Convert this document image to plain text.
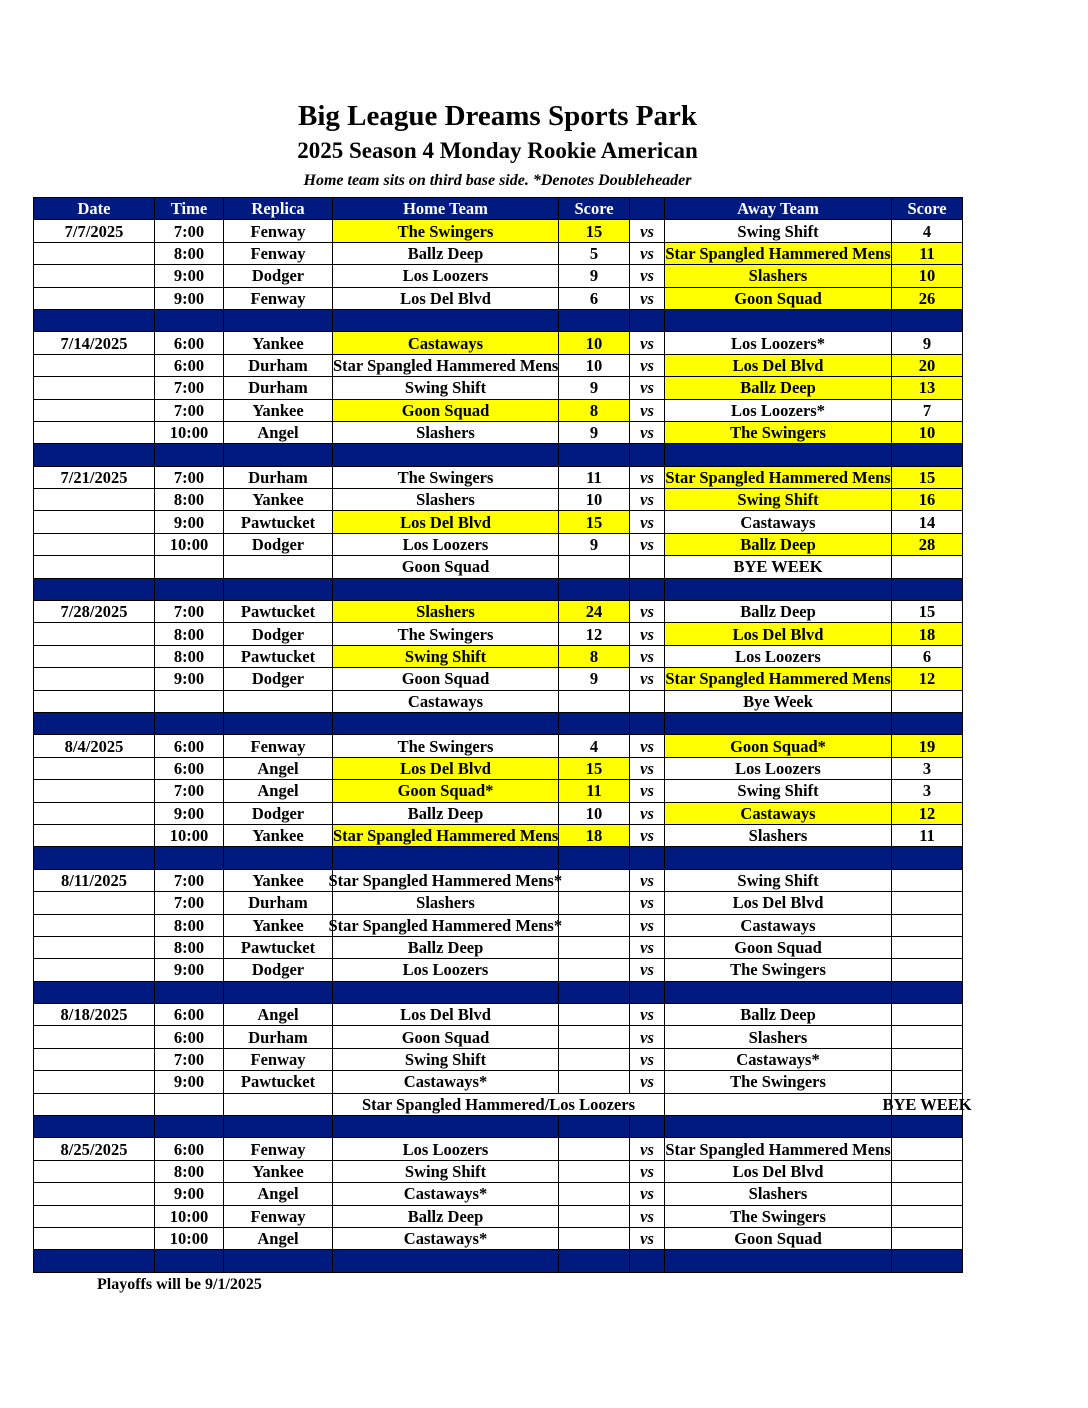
Big League Dreams Sports Park
2025 Season 4 Monday Rookie American
Home team sits on third base side. *Denotes Doubleheader
Date	Time	Replica	Home Team	Score		Away Team	Score	
7/7/2025	7:00	Fenway	The Swingers	15	vs	Swing Shift	4	
	8:00	Fenway	Ballz Deep	5	vs	Star Spangled Hammered Mens	11	
	9:00	Dodger	Los Loozers	9	vs	Slashers	10	
	9:00	Fenway	Los Del Blvd	6	vs	Goon Squad	26	

7/14/2025	6:00	Yankee	Castaways	10	vs	Los Loozers*	9	
	6:00	Durham	Star Spangled Hammered Mens	10	vs	Los Del Blvd	20	
	7:00	Durham	Swing Shift	9	vs	Ballz Deep	13	
	7:00	Yankee	Goon Squad	8	vs	Los Loozers*	7	
	10:00	Angel	Slashers	9	vs	The Swingers	10	

7/21/2025	7:00	Durham	The Swingers	11	vs	Star Spangled Hammered Mens	15	
	8:00	Yankee	Slashers	10	vs	Swing Shift	16	
	9:00	Pawtucket	Los Del Blvd	15	vs	Castaways	14	
	10:00	Dodger	Los Loozers	9	vs	Ballz Deep	28	
			Goon Squad			BYE WEEK		

7/28/2025	7:00	Pawtucket	Slashers	24	vs	Ballz Deep	15	
	8:00	Dodger	The Swingers	12	vs	Los Del Blvd	18	
	8:00	Pawtucket	Swing Shift	8	vs	Los Loozers	6	
	9:00	Dodger	Goon Squad	9	vs	Star Spangled Hammered Mens	12	
			Castaways			Bye Week		

8/4/2025	6:00	Fenway	The Swingers	4	vs	Goon Squad*	19	
	6:00	Angel	Los Del Blvd	15	vs	Los Loozers	3	
	7:00	Angel	Goon Squad*	11	vs	Swing Shift	3	
	9:00	Dodger	Ballz Deep	10	vs	Castaways	12	
	10:00	Yankee	Star Spangled Hammered Mens	18	vs	Slashers	11	

8/11/2025	7:00	Yankee	Star Spangled Hammered Mens*		vs	Swing Shift		
	7:00	Durham	Slashers		vs	Los Del Blvd		
	8:00	Yankee	Star Spangled Hammered Mens*		vs	Castaways		
	8:00	Pawtucket	Ballz Deep		vs	Goon Squad		
	9:00	Dodger	Los Loozers		vs	The Swingers		

8/18/2025	6:00	Angel	Los Del Blvd		vs	Ballz Deep		
	6:00	Durham	Goon Squad		vs	Slashers		
	7:00	Fenway	Swing Shift		vs	Castaways*		
	9:00	Pawtucket	Castaways*		vs	The Swingers		
			Star Spangled Hammered/Los Loozers				BYE WEEK	

8/25/2025	6:00	Fenway	Los Loozers		vs	Star Spangled Hammered Mens		
	8:00	Yankee	Swing Shift		vs	Los Del Blvd		
	9:00	Angel	Castaways*		vs	Slashers		
	10:00	Fenway	Ballz Deep		vs	The Swingers		
	10:00	Angel	Castaways*		vs	Goon Squad		

Playoffs will be 9/1/2025
